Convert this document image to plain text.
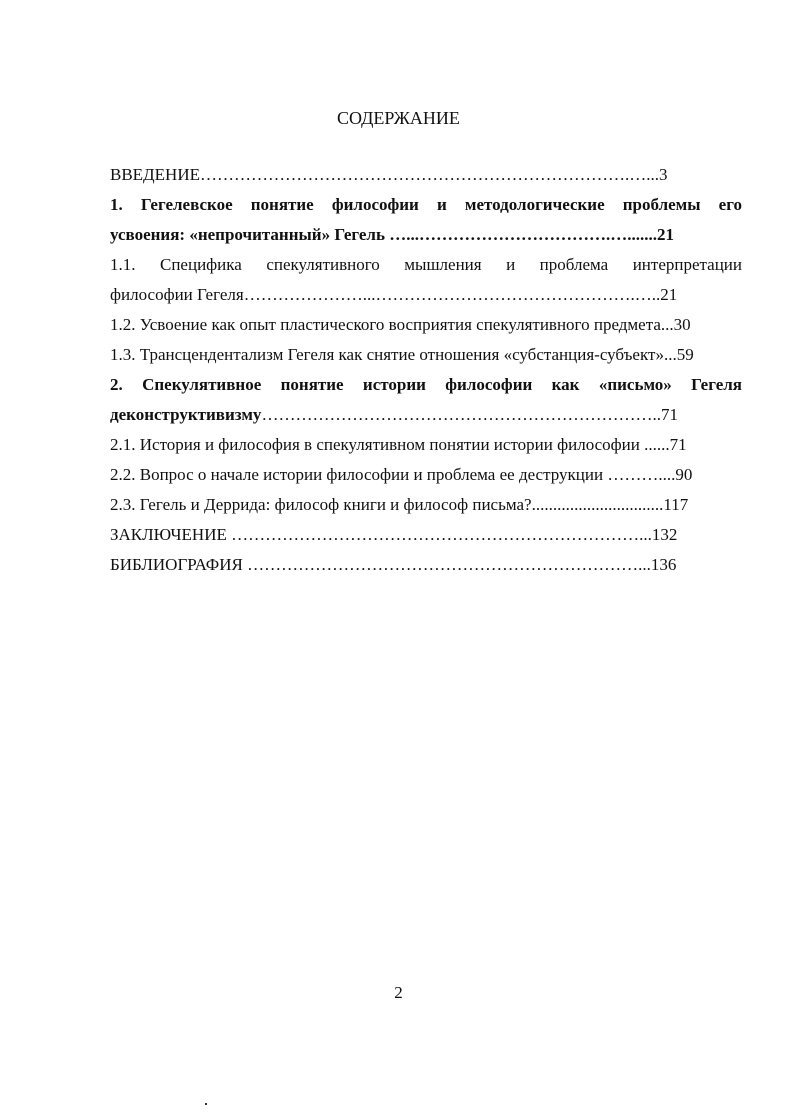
СОДЕРЖАНИЕ
ВВЕДЕНИЕ………………………………………………………………….…...3
1. Гегелевское понятие философии и методологические проблемы его
усвоения: «непрочитанный» Гегель …...…………………………….….......21
1.1. Специфика спекулятивного мышления и проблема интерпретации
философии Гегеля…………………...……………………………………….…..21
1.2. Усвоение как опыт пластического восприятия спекулятивного предмета...30
1.3. Трансцендентализм Гегеля как снятие отношения «субстанция-субъект»...59
2. Спекулятивное понятие истории философии как «письмо» Гегеля
деконструктивизму……………………………………………………………..71
2.1. История и философия в спекулятивном понятии истории философии ......71
2.2. Вопрос о начале истории философии и проблема ее деструкции ………....90
2.3. Гегель и Деррида: философ книги и философ письма?...............................117
ЗАКЛЮЧЕНИЕ ………………………………………………………………...132
БИБЛИОГРАФИЯ ……………………………………………………………...136
2
